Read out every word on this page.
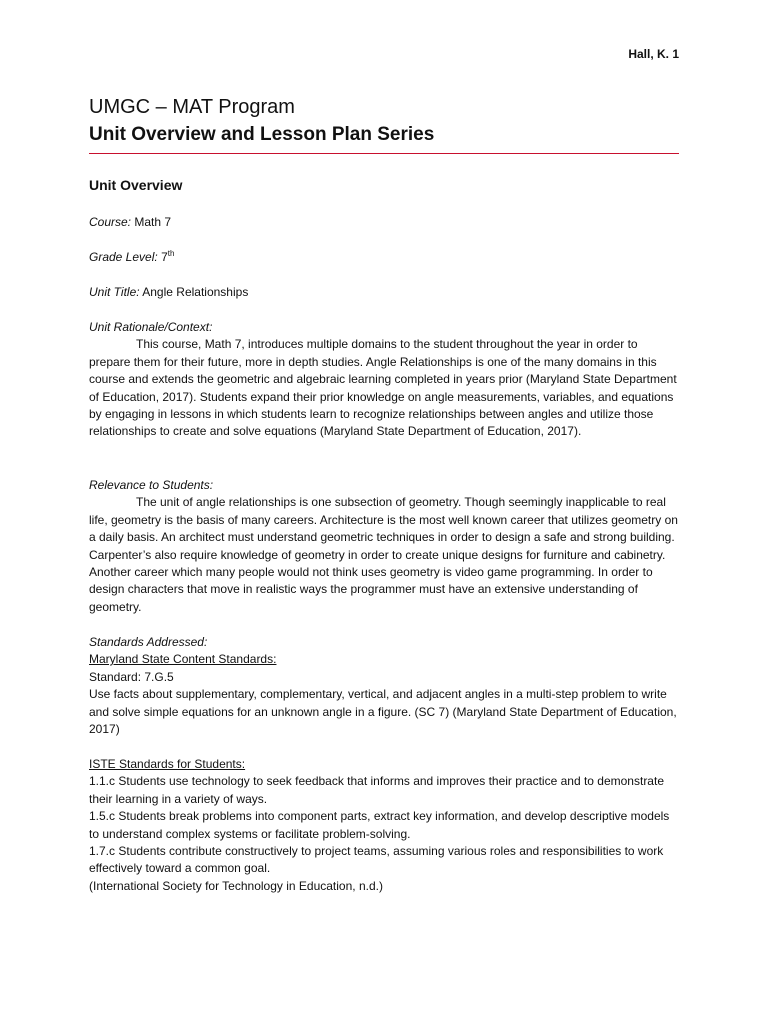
Hall, K. 1
UMGC – MAT Program
Unit Overview and Lesson Plan Series
Unit Overview
Course: Math 7
Grade Level: 7th
Unit Title: Angle Relationships
Unit Rationale/Context:

This course, Math 7, introduces multiple domains to the student throughout the year in order to prepare them for their future, more in depth studies. Angle Relationships is one of the many domains in this course and extends the geometric and algebraic learning completed in years prior (Maryland State Department of Education, 2017). Students expand their prior knowledge on angle measurements, variables, and equations by engaging in lessons in which students learn to recognize relationships between angles and utilize those relationships to create and solve equations (Maryland State Department of Education, 2017).

Relevance to Students:

The unit of angle relationships is one subsection of geometry. Though seemingly inapplicable to real life, geometry is the basis of many careers. Architecture is the most well known career that utilizes geometry on a daily basis. An architect must understand geometric techniques in order to design a safe and strong building. Carpenter’s also require knowledge of geometry in order to create unique designs for furniture and cabinetry. Another career which many people would not think uses geometry is video game programming. In order to design characters that move in realistic ways the programmer must have an extensive understanding of geometry.

Standards Addressed:

Maryland State Content Standards:

Standard: 7.G.5

Use facts about supplementary, complementary, vertical, and adjacent angles in a multi-step problem to write and solve simple equations for an unknown angle in a figure. (SC 7) (Maryland State Department of Education, 2017)

ISTE Standards for Students:

1.1.c Students use technology to seek feedback that informs and improves their practice and to demonstrate their learning in a variety of ways.

1.5.c Students break problems into component parts, extract key information, and develop descriptive models to understand complex systems or facilitate problem-solving.

1.7.c Students contribute constructively to project teams, assuming various roles and responsibilities to work effectively toward a common goal.

(International Society for Technology in Education, n.d.)
